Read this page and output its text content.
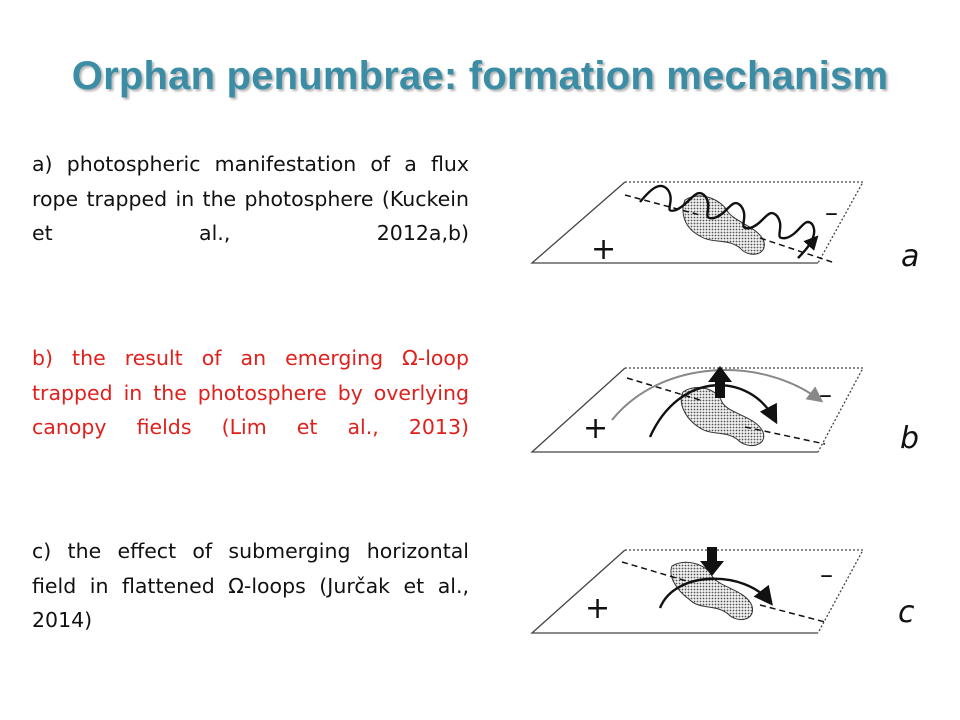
Orphan penumbrae: formation mechanism
a) photospheric manifestation of a flux rope trapped in the photosphere (Kuckein et al., 2012a,b)
b) the result of an emerging Ω-loop trapped in the photosphere by overlying canopy fields (Lim et al., 2013)
c) the effect of submerging horizontal field in flattened Ω-loops (Jurčak et al., 2014)
+
–
a
+
–
b
+
–
c
